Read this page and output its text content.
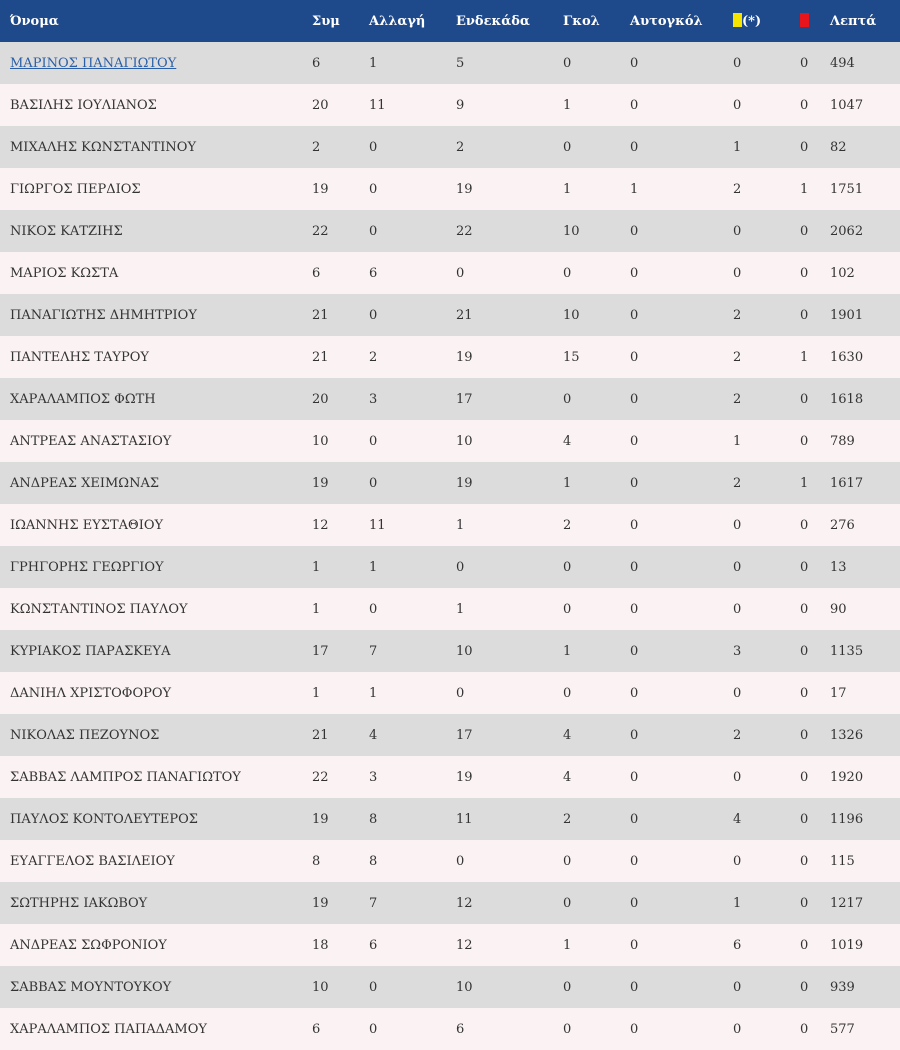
Όνομα	Συμ	Αλλαγή	Ενδεκάδα	Γκολ	Αυτογκόλ	(*)		Λεπτά
ΜΑΡΙΝΟΣ ΠΑΝΑΓΙΩΤΟΥ	6	1	5	0	0	0	0	494
ΒΑΣΙΛΗΣ ΙΟΥΛΙΑΝΟΣ	20	11	9	1	0	0	0	1047
ΜΙΧΑΛΗΣ ΚΩΝΣΤΑΝΤΙΝΟΥ	2	0	2	0	0	1	0	82
ΓΙΩΡΓΟΣ ΠΕΡΔΙΟΣ	19	0	19	1	1	2	1	1751
ΝΙΚΟΣ ΚΑΤΖΙΗΣ	22	0	22	10	0	0	0	2062
ΜΑΡΙΟΣ ΚΩΣΤΑ	6	6	0	0	0	0	0	102
ΠΑΝΑΓΙΩΤΗΣ ΔΗΜΗΤΡΙΟΥ	21	0	21	10	0	2	0	1901
ΠΑΝΤΕΛΗΣ ΤΑΥΡΟΥ	21	2	19	15	0	2	1	1630
ΧΑΡΑΛΑΜΠΟΣ ΦΩΤΗ	20	3	17	0	0	2	0	1618
ΑΝΤΡΕΑΣ ΑΝΑΣΤΑΣΙΟΥ	10	0	10	4	0	1	0	789
ΑΝΔΡΕΑΣ ΧΕΙΜΩΝΑΣ	19	0	19	1	0	2	1	1617
ΙΩΑΝΝΗΣ ΕΥΣΤΑΘΙΟΥ	12	11	1	2	0	0	0	276
ΓΡΗΓΟΡΗΣ ΓΕΩΡΓΙΟΥ	1	1	0	0	0	0	0	13
ΚΩΝΣΤΑΝΤΙΝΟΣ ΠΑΥΛΟΥ	1	0	1	0	0	0	0	90
ΚΥΡΙΑΚΟΣ ΠΑΡΑΣΚΕΥΑ	17	7	10	1	0	3	0	1135
ΔΑΝΙΗΛ ΧΡΙΣΤΟΦΟΡΟΥ	1	1	0	0	0	0	0	17
ΝΙΚΟΛΑΣ ΠΕΖΟΥΝΟΣ	21	4	17	4	0	2	0	1326
ΣΑΒΒΑΣ ΛΑΜΠΡΟΣ ΠΑΝΑΓΙΩΤΟΥ	22	3	19	4	0	0	0	1920
ΠΑΥΛΟΣ ΚΟΝΤΟΛΕΥΤΕΡΟΣ	19	8	11	2	0	4	0	1196
ΕΥΑΓΓΕΛΟΣ ΒΑΣΙΛΕΙΟΥ	8	8	0	0	0	0	0	115
ΣΩΤΗΡΗΣ ΙΑΚΩΒΟΥ	19	7	12	0	0	1	0	1217
ΑΝΔΡΕΑΣ ΣΩΦΡΟΝΙΟΥ	18	6	12	1	0	6	0	1019
ΣΑΒΒΑΣ ΜΟΥΝΤΟΥΚΟΥ	10	0	10	0	0	0	0	939
ΧΑΡΑΛΑΜΠΟΣ ΠΑΠΑΔΑΜΟΥ	6	0	6	0	0	0	0	577
